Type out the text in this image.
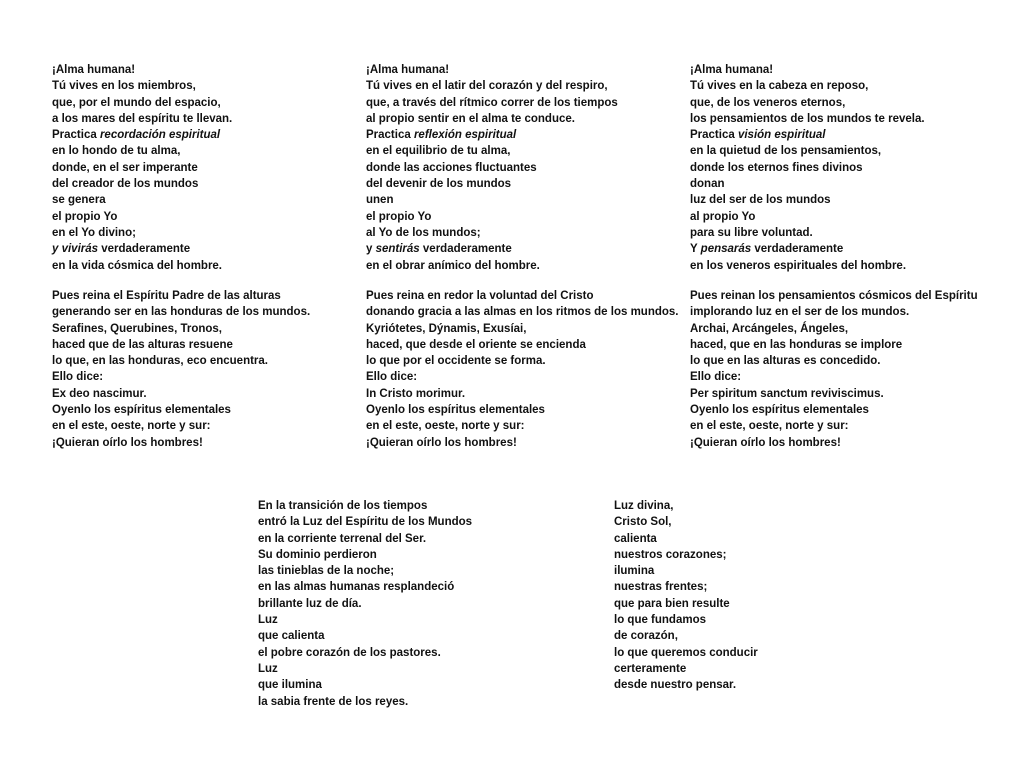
¡Alma humana!
Tú vives en los miembros,
que, por el mundo del espacio,
a los mares del espíritu te llevan.
Practica recordación espiritual
en lo hondo de tu alma,
donde, en el ser imperante
del creador de los mundos
se genera
el propio Yo
en el Yo divino;
y vivirás verdaderamente
en la vida cósmica del hombre.
¡Alma humana!
Tú vives en el latir del corazón y del respiro,
que, a través del rítmico correr de los tiempos
al propio sentir en el alma te conduce.
Practica reflexión espiritual
en el equilibrio de tu alma,
donde las acciones fluctuantes
del devenir de los mundos
unen
el propio Yo
al Yo de los mundos;
y sentirás verdaderamente
en el obrar anímico del hombre.
¡Alma humana!
Tú vives en la cabeza en reposo,
que, de los veneros eternos,
los pensamientos de los mundos te revela.
Practica visión espiritual
en la quietud de los pensamientos,
donde los eternos fines divinos
donan
luz del ser de los mundos
al propio Yo
para su libre voluntad.
Y pensarás verdaderamente
en los veneros espirituales del hombre.
Pues reina el Espíritu Padre de las alturas
generando ser en las honduras de los mundos.
Serafines, Querubines, Tronos,
haced que de las alturas resuene
lo que, en las honduras, eco encuentra.
Ello dice:
Ex deo nascimur.
Oyenlo los espíritus elementales
en el este, oeste, norte y sur:
¡Quieran oírlo los hombres!
Pues reina en redor la voluntad del Cristo
donando gracia a las almas en los ritmos de los mundos.
Kyriótetes, Dýnamis, Exusíai,
haced, que desde el oriente se encienda
lo que por el occidente se forma.
Ello dice:
In Cristo morimur.
Oyenlo los espíritus elementales
en el este, oeste, norte y sur:
¡Quieran oírlo los hombres!
Pues reinan los pensamientos cósmicos del Espíritu
implorando luz en el ser de los mundos.
Archai, Arcángeles, Ángeles,
haced, que en las honduras se implore
lo que en las alturas es concedido.
Ello dice:
Per spiritum sanctum reviviscimus.
Oyenlo los espíritus elementales
en el este, oeste, norte y sur:
¡Quieran oírlo los hombres!
En la transición de los tiempos
entró la Luz del Espíritu de los Mundos
en la corriente terrenal del Ser.
Su dominio perdieron
las tinieblas de la noche;
en las almas humanas resplandeció
brillante luz de día.
Luz
que calienta
el pobre corazón de los pastores.
Luz
que ilumina
la sabia frente de los reyes.
Luz divina,
Cristo Sol,
calienta
nuestros corazones;
ilumina
nuestras frentes;
que para bien resulte
lo que fundamos
de corazón,
lo que queremos conducir
certeramente
desde nuestro pensar.
